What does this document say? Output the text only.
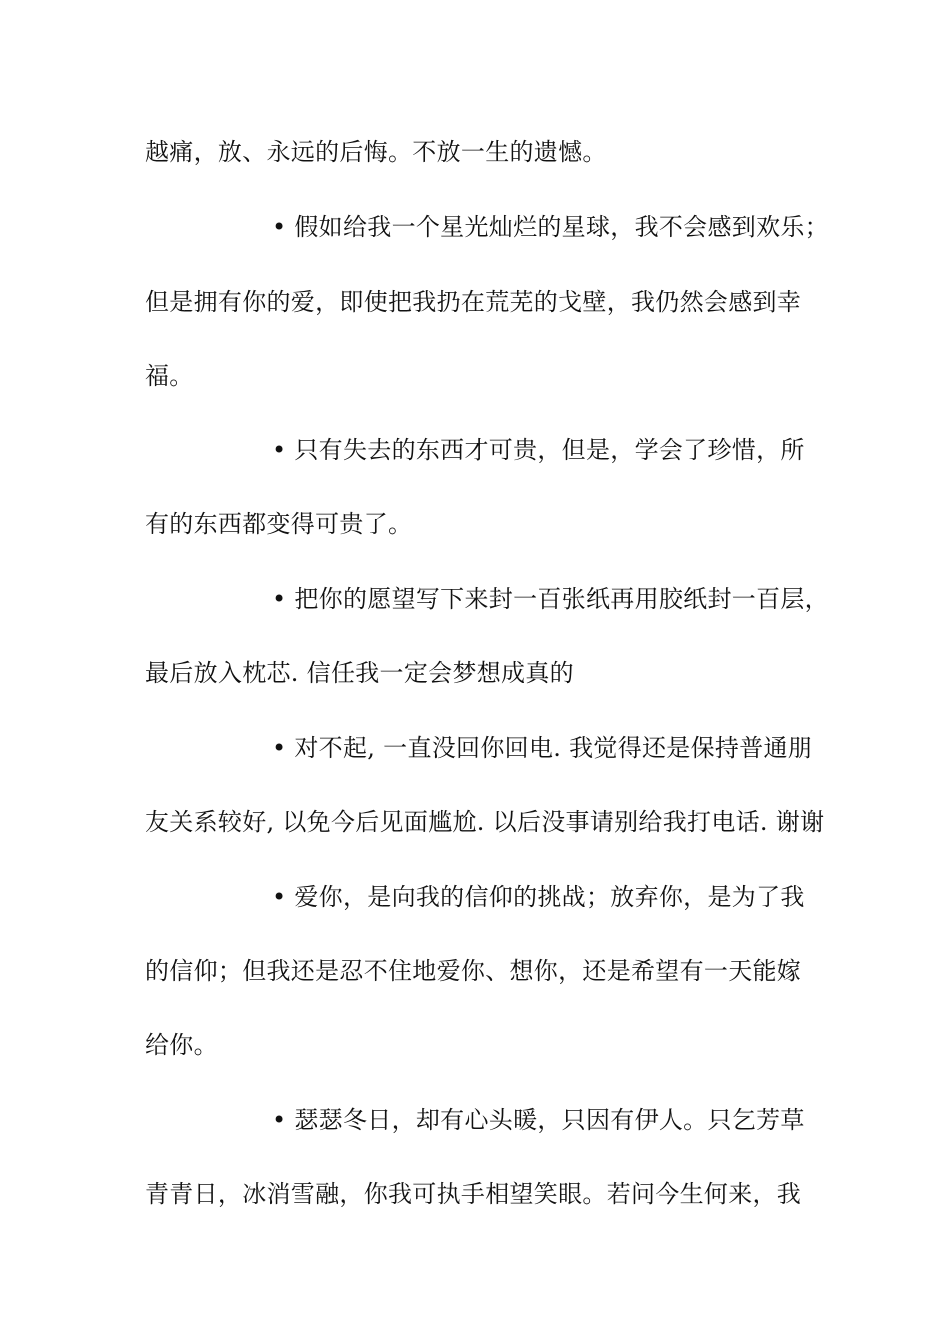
越痛，放、永远的后悔。不放一生的遗憾。
• 假如给我一个星光灿烂的星球，我不会感到欢乐；
但是拥有你的爱，即使把我扔在荒芜的戈壁，我仍然会感到幸
福。
• 只有失去的东西才可贵，但是，学会了珍惜，所
有的东西都变得可贵了。
• 把你的愿望写下来封一百张纸再用胶纸封一百层，
最后放入枕芯. 信任我一定会梦想成真的
• 对不起, 一直没回你回电. 我觉得还是保持普通朋
友关系较好, 以免今后见面尴尬. 以后没事请别给我打电话. 谢谢
• 爱你，是向我的信仰的挑战；放弃你，是为了我
的信仰；但我还是忍不住地爱你、想你，还是希望有一天能嫁
给你。
• 瑟瑟冬日，却有心头暖，只因有伊人。只乞芳草
青青日，冰消雪融，你我可执手相望笑眼。若问今生何来，我
